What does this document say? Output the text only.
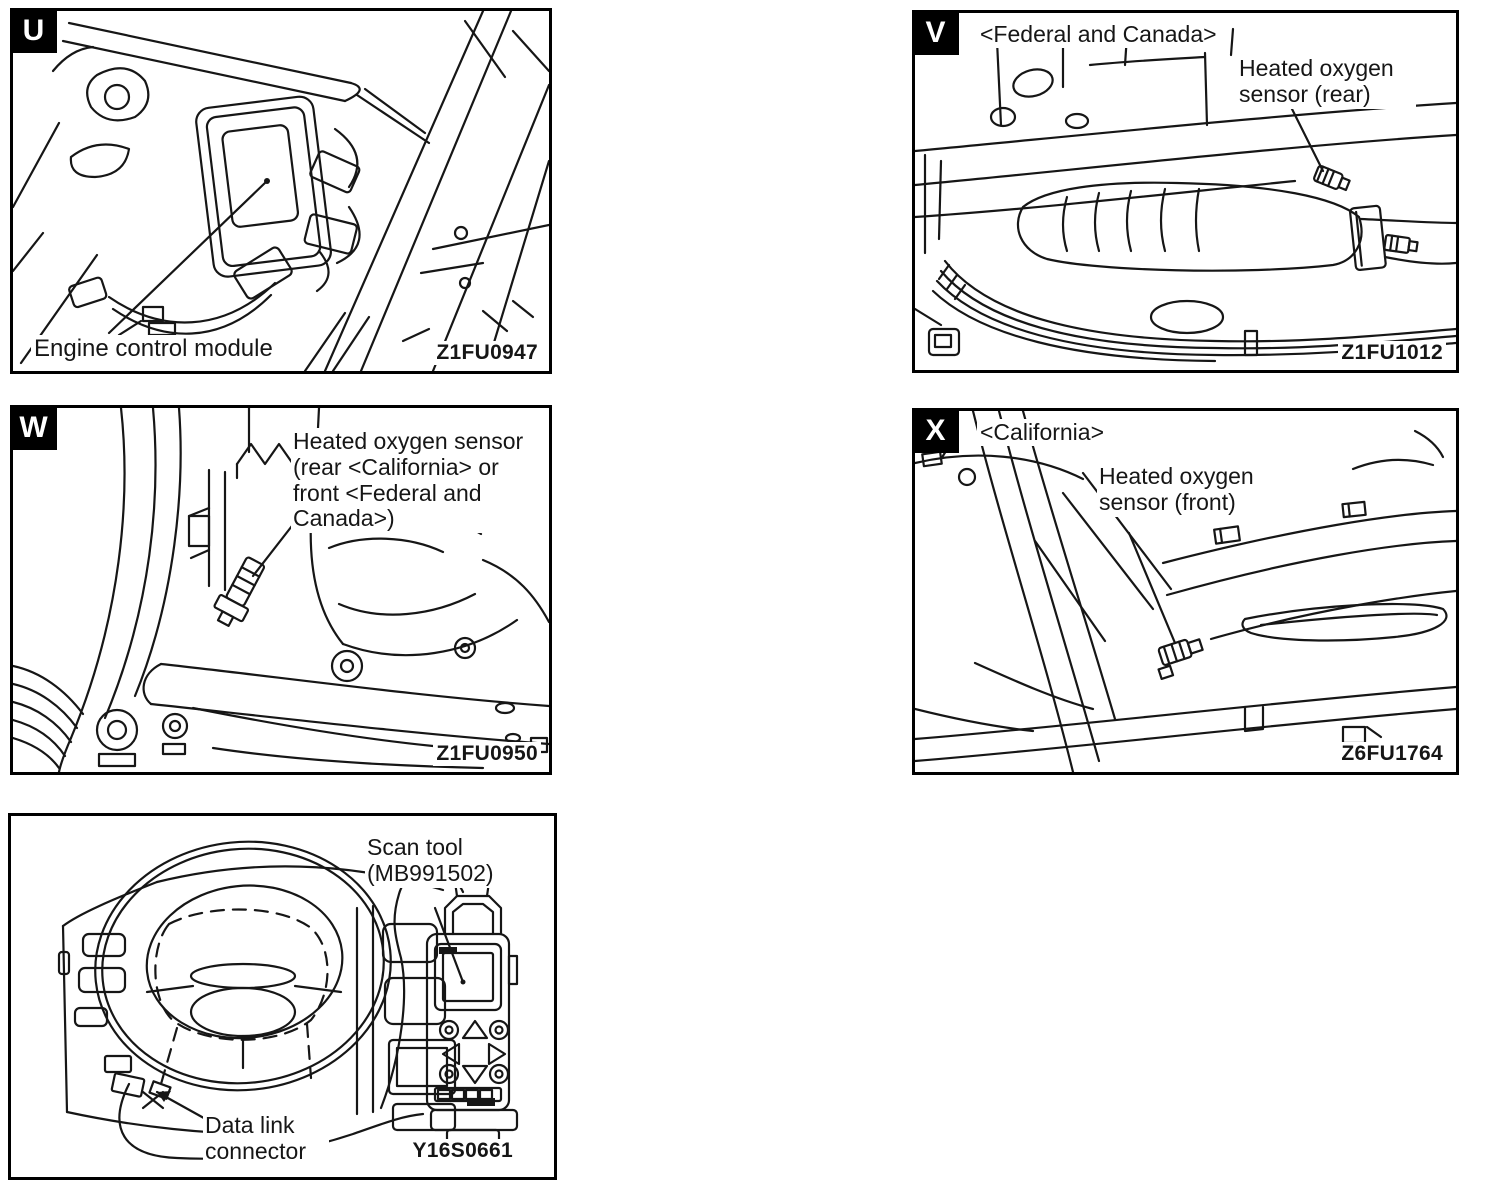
U
Engine control module	Z1FU0947
V	<Federal and Canada>
Heated oxygen sensor (rear)
Z1FU1012
W	Heated oxygen sensor (rear <California> or front <Federal and Canada>)
Z1FU0950
X	<California>
Heated oxygen sensor (front)
Z6FU1764
Scan tool (MB991502)
Data link connector	Y16S0661
